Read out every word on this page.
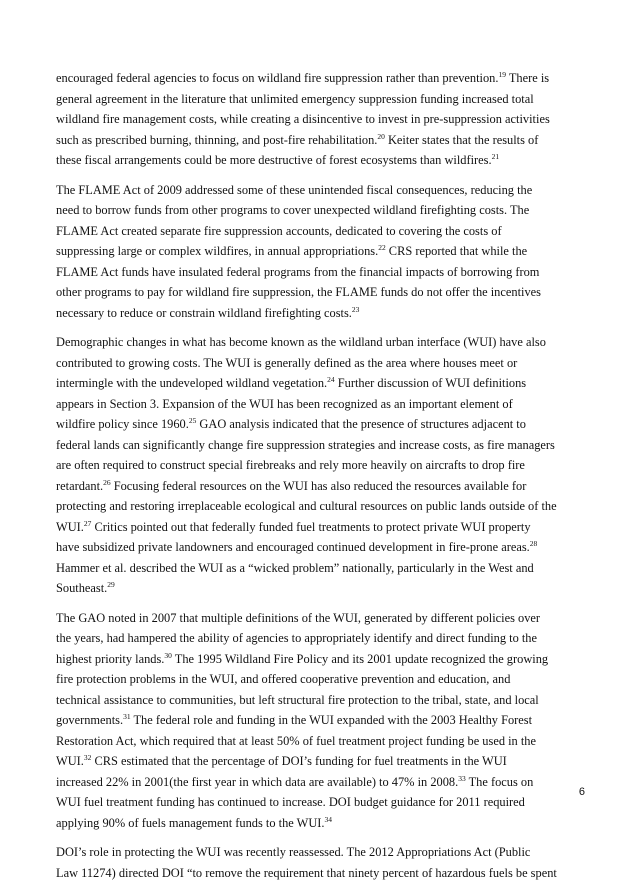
encouraged federal agencies to focus on wildland fire suppression rather than prevention.$^{19}$ There is
general agreement in the literature that unlimited emergency suppression funding increased total
wildland fire management costs, while creating a disincentive to invest in pre-suppression activities
such as prescribed burning, thinning, and post-fire rehabilitation.$^{20}$ Keiter states that the results of
these fiscal arrangements could be more destructive of forest ecosystems than wildfires.$^{21}$

The FLAME Act of 2009 addressed some of these unintended fiscal consequences, reducing the
need to borrow funds from other programs to cover unexpected wildland firefighting costs. The
FLAME Act created separate fire suppression accounts, dedicated to covering the costs of
suppressing large or complex wildfires, in annual appropriations.$^{22}$ CRS reported that while the
FLAME Act funds have insulated federal programs from the financial impacts of borrowing from
other programs to pay for wildland fire suppression, the FLAME funds do not offer the incentives
necessary to reduce or constrain wildland firefighting costs.$^{23}$

Demographic changes in what has become known as the wildland urban interface (WUI) have also
contributed to growing costs. The WUI is generally defined as the area where houses meet or
intermingle with the undeveloped wildland vegetation.$^{24}$ Further discussion of WUI definitions
appears in Section 3. Expansion of the WUI has been recognized as an important element of
wildfire policy since 1960.25 GAO analysis indicated that the presence of structures adjacent to
federal lands can significantly change fire suppression strategies and increase costs, as fire managers
are often required to construct special firebreaks and rely more heavily on aircrafts to drop fire
retardant.$^{26}$ Focusing federal resources on the WUI has also reduced the resources available for
protecting and restoring irreplaceable ecological and cultural resources on public lands outside of the
WUI.$^{27}$ Critics pointed out that federally funded fuel treatments to protect private WUI property
have subsidized private landowners and encouraged continued development in fire-prone areas.$^{28}$
Hammer et al. described the WUI as a “wicked problem” nationally, particularly in the West and
Southeast.$^{29}$

The GAO noted in 2007 that multiple definitions of the WUI, generated by different policies over
the years, had hampered the ability of agencies to appropriately identify and direct funding to the
highest priority lands.$^{30}$ The 1995 Wildland Fire Policy and its 2001 update recognized the growing
fire protection problems in the WUI, and offered cooperative prevention and education, and
technical assistance to communities, but left structural fire protection to the tribal, state, and local
governments.$^{31}$ The federal role and funding in the WUI expanded with the 2003 Healthy Forest
Restoration Act, which required that at least 50% of fuel treatment project funding be used in the
WUI.$^{32}$ CRS estimated that the percentage of DOI’s funding for fuel treatments in the WUI
increased 22% in 2001(the first year in which data are available) to 47% in 2008.33 The focus on
WUI fuel treatment funding has continued to increase. DOI budget guidance for 2011 required
applying 90% of fuels management funds to the WUI.$^{34}$

DOI’s role in protecting the WUI was recently reassessed. The 2012 Appropriations Act (Public
Law 11274) directed DOI “to remove the requirement that ninety percent of hazardous fuels be spent

6
